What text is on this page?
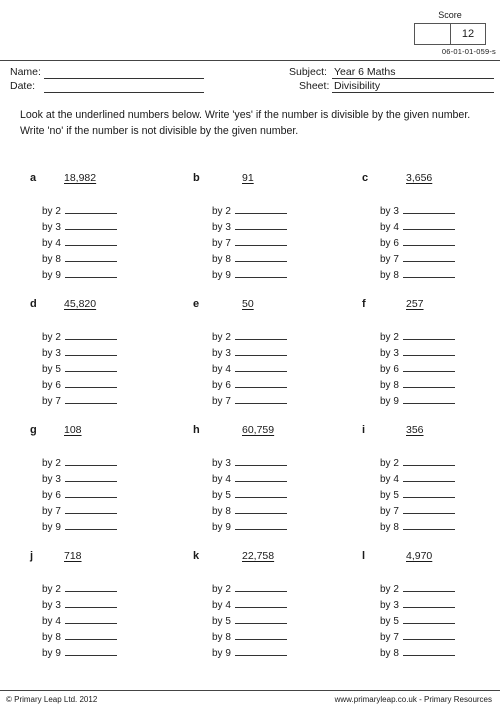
Score
12
06-01-01-059-s
Name:
Date:
Subject: Year 6 Maths
Sheet: Divisibility
Look at the underlined numbers below. Write 'yes' if the number is divisible by the given number. Write 'no' if the number is not divisible by the given number.
a	18,982
by 2
by 3
by 4
by 8
by 9
b	91
by 2
by 3
by 7
by 8
by 9
c	3,656
by 3
by 4
by 6
by 7
by 8
d	45,820
by 2
by 3
by 5
by 6
by 7
e	50
by 2
by 3
by 4
by 6
by 7
f	257
by 2
by 3
by 6
by 8
by 9
g	108
by 2
by 3
by 6
by 7
by 9
h	60,759
by 3
by 4
by 5
by 8
by 9
i	356
by 2
by 4
by 5
by 7
by 8
j	718
by 2
by 3
by 4
by 8
by 9
k	22,758
by 2
by 4
by 5
by 8
by 9
l	4,970
by 2
by 3
by 5
by 7
by 8
© Primary Leap Ltd. 2012	www.primaryleap.co.uk - Primary Resources
